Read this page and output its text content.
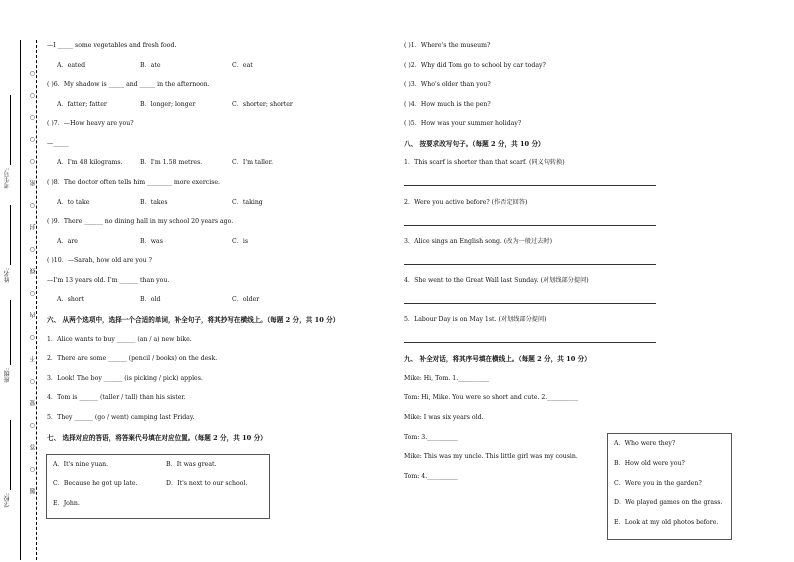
考生号:
姓名:
班级:
学校:
○
○
○
○
○
密
○
封
○
线
○
内
○
不
○
要
○
答
○
题
—I _____ some vegetables and fresh food.
A．eated	B．ate	C．eat
( )6．My shadow is _____ and _____ in the afternoon.
A．fatter; fatter	B．longer; longer	C．shorter; shorter
( )7．—How heavy are you?
—_____
A．I'm 48 kilograms.	B．I'm 1.58 metres.	C．I'm taller.
( )8．The doctor often tells him ________ more exercise.
A．to take	B．takes	C．taking
( )9．There ______ no dining hall in my school 20 years ago.
A．are	B．was	C．is
( )10．—Sarah, how old are you ?
—I'm 13 years old. I'm ______ than you.
A．short	B．old	C．older
六、 从两个选项中，选择一个合适的单词，补全句子，将其抄写在横线上。（每题 2 分，共 10 分）
1．Alice wants to buy ______ (an / a) new bike.
2．There are some ______ (pencil / books) on the desk.
3．Look! The boy ______ (is picking / pick) apples.
4．Tom is ______ (taller / tall) than his sister.
5．They ______ (go / went) camping last Friday.
七、 选择对应的答语，将答案代号填在对应位置。（每题 2 分，共 10 分）
A．It's nine yuan.	B．It was great.
C．Because he got up late.	D．It's next to our school.
E．John.
( )1．Where's the museum?
( )2．Why did Tom go to school by car today?
( )3．Who's older than you?
( )4．How much is the pen?
( )5．How was your summer holiday?
八、 按要求改写句子。（每题 2 分，共 10 分）
1．This scarf is shorter than that scarf. (同义句转换)
2．Were you active before? (作否定回答)
3．Alice sings an English song. (改为一般过去时)
4．She went to the Great Wall last Sunday. (对划线部分提问)
5．Labour Day is on May 1st. (对划线部分提问)
九、 补全对话，将其序号填在横线上。（每题 2 分，共 10 分）
Mike: Hi, Tom. 1.__________
Tom: Hi, Mike. You were so short and cute. 2.__________
Mike: I was six years old.
Tom: 3.__________
Mike: This was my uncle. This little girl was my cousin.
Tom: 4.__________
A．Who were they?
B．How old were you?
C．Were you in the garden?
D．We played games on the grass.
E．Look at my old photos before.
